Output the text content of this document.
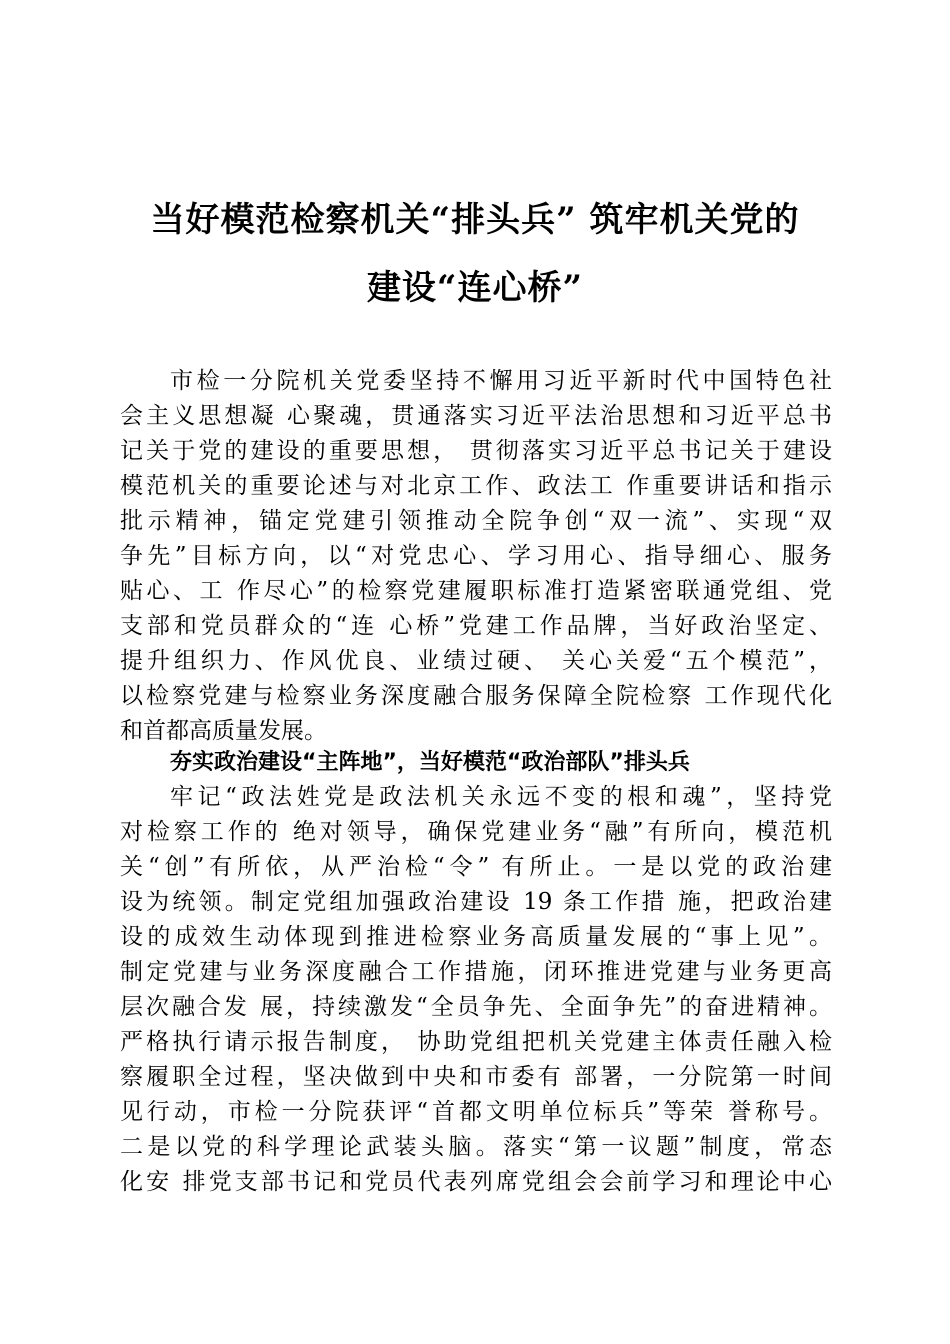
当好模范检察机关“排头兵” 筑牢机关党的
建设“连心桥”
市检一分院机关党委坚持不懈用习近平新时代中国特色社
会主义思想凝 心聚魂，贯通落实习近平法治思想和习近平总书
记关于党的建设的重要思想， 贯彻落实习近平总书记关于建设
模范机关的重要论述与对北京工作、政法工 作重要讲话和指示
批示精神，锚定党建引领推动全院争创“双一流”、实现“双
争先”目标方向，以“对党忠心、学习用心、指导细心、服务
贴心、工 作尽心”的检察党建履职标准打造紧密联通党组、党
支部和党员群众的“连 心桥”党建工作品牌，当好政治坚定、
提升组织力、作风优良、业绩过硬、 关心关爱“五个模范”，
以检察党建与检察业务深度融合服务保障全院检察 工作现代化
和首都高质量发展。
夯实政治建设“主阵地”，当好模范“政治部队”排头兵
牢记“政法姓党是政法机关永远不变的根和魂”，坚持党
对检察工作的 绝对领导，确保党建业务“融”有所向，模范机
关“创”有所依，从严治检“令” 有所止。一是以党的政治建
设为统领。制定党组加强政治建设 19 条工作措 施，把政治建
设的成效生动体现到推进检察业务高质量发展的“事上见”。
制定党建与业务深度融合工作措施，闭环推进党建与业务更高
层次融合发 展，持续激发“全员争先、全面争先”的奋进精神。
严格执行请示报告制度， 协助党组把机关党建主体责任融入检
察履职全过程，坚决做到中央和市委有 部署，一分院第一时间
见行动，市检一分院获评“首都文明单位标兵”等荣 誉称号。
二是以党的科学理论武装头脑。落实“第一议题”制度，常态
化安 排党支部书记和党员代表列席党组会会前学习和理论中心
